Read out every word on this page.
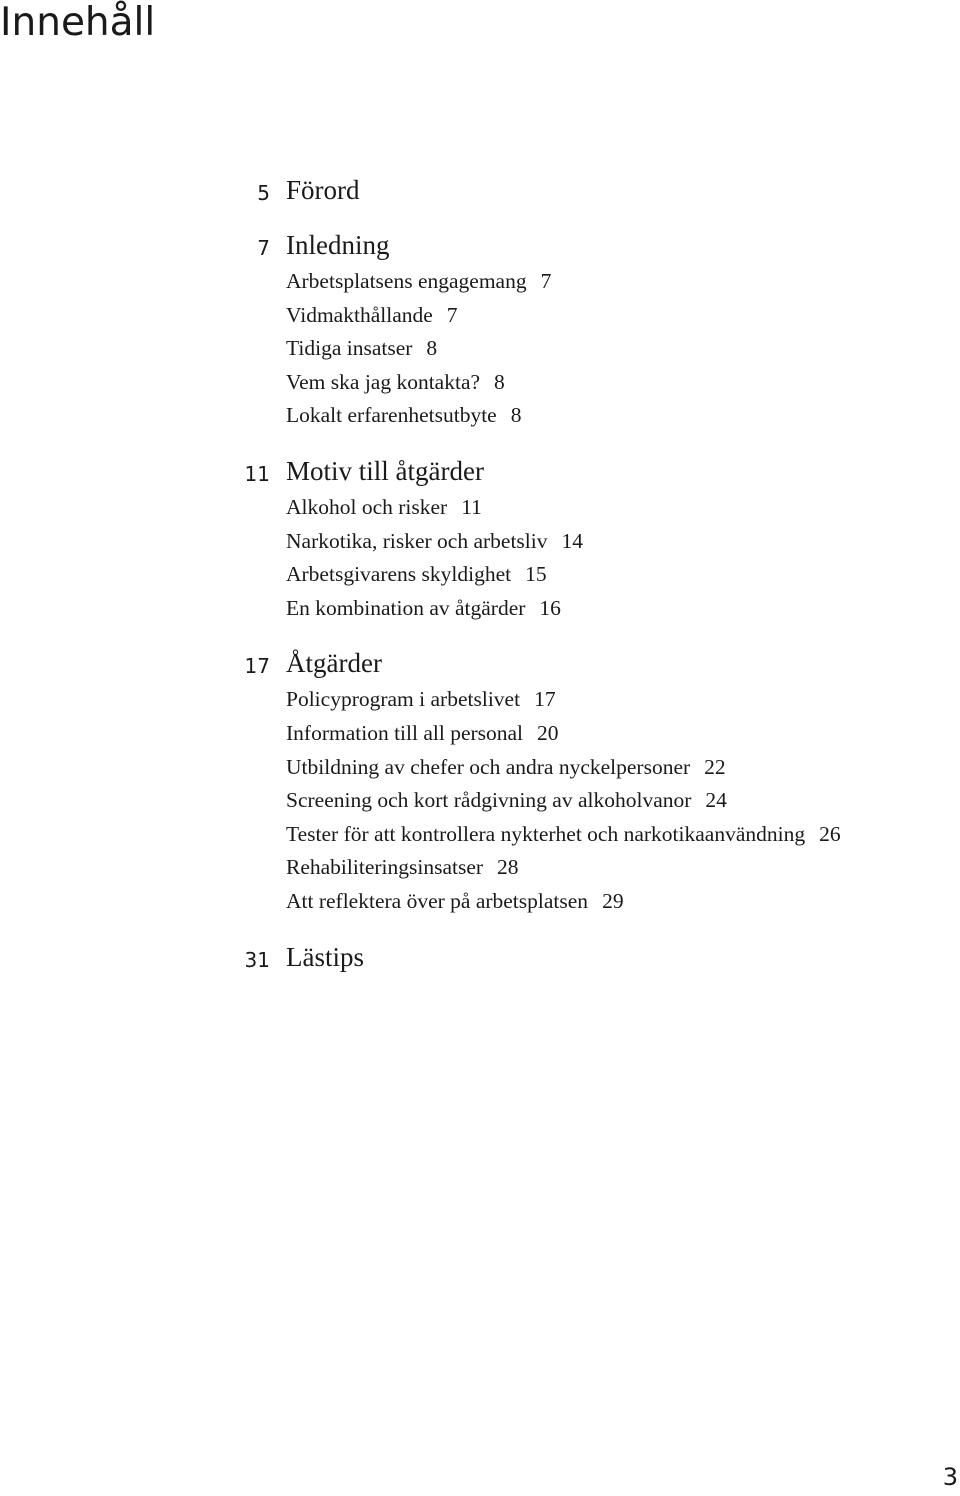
Innehåll
5 Förord
7 Inledning
Arbetsplatsens engagemang 7
Vidmakthållande 7
Tidiga insatser 8
Vem ska jag kontakta? 8
Lokalt erfarenhetsutbyte 8
11 Motiv till åtgärder
Alkohol och risker 11
Narkotika, risker och arbetsliv 14
Arbetsgivarens skyldighet 15
En kombination av åtgärder 16
17 Åtgärder
Policyprogram i arbetslivet 17
Information till all personal 20
Utbildning av chefer och andra nyckelpersoner 22
Screening och kort rådgivning av alkoholvanor 24
Tester för att kontrollera nykterhet och narkotikaanvändning 26
Rehabiliteringsinsatser 28
Att reflektera över på arbetsplatsen 29
31 Lästips
3
